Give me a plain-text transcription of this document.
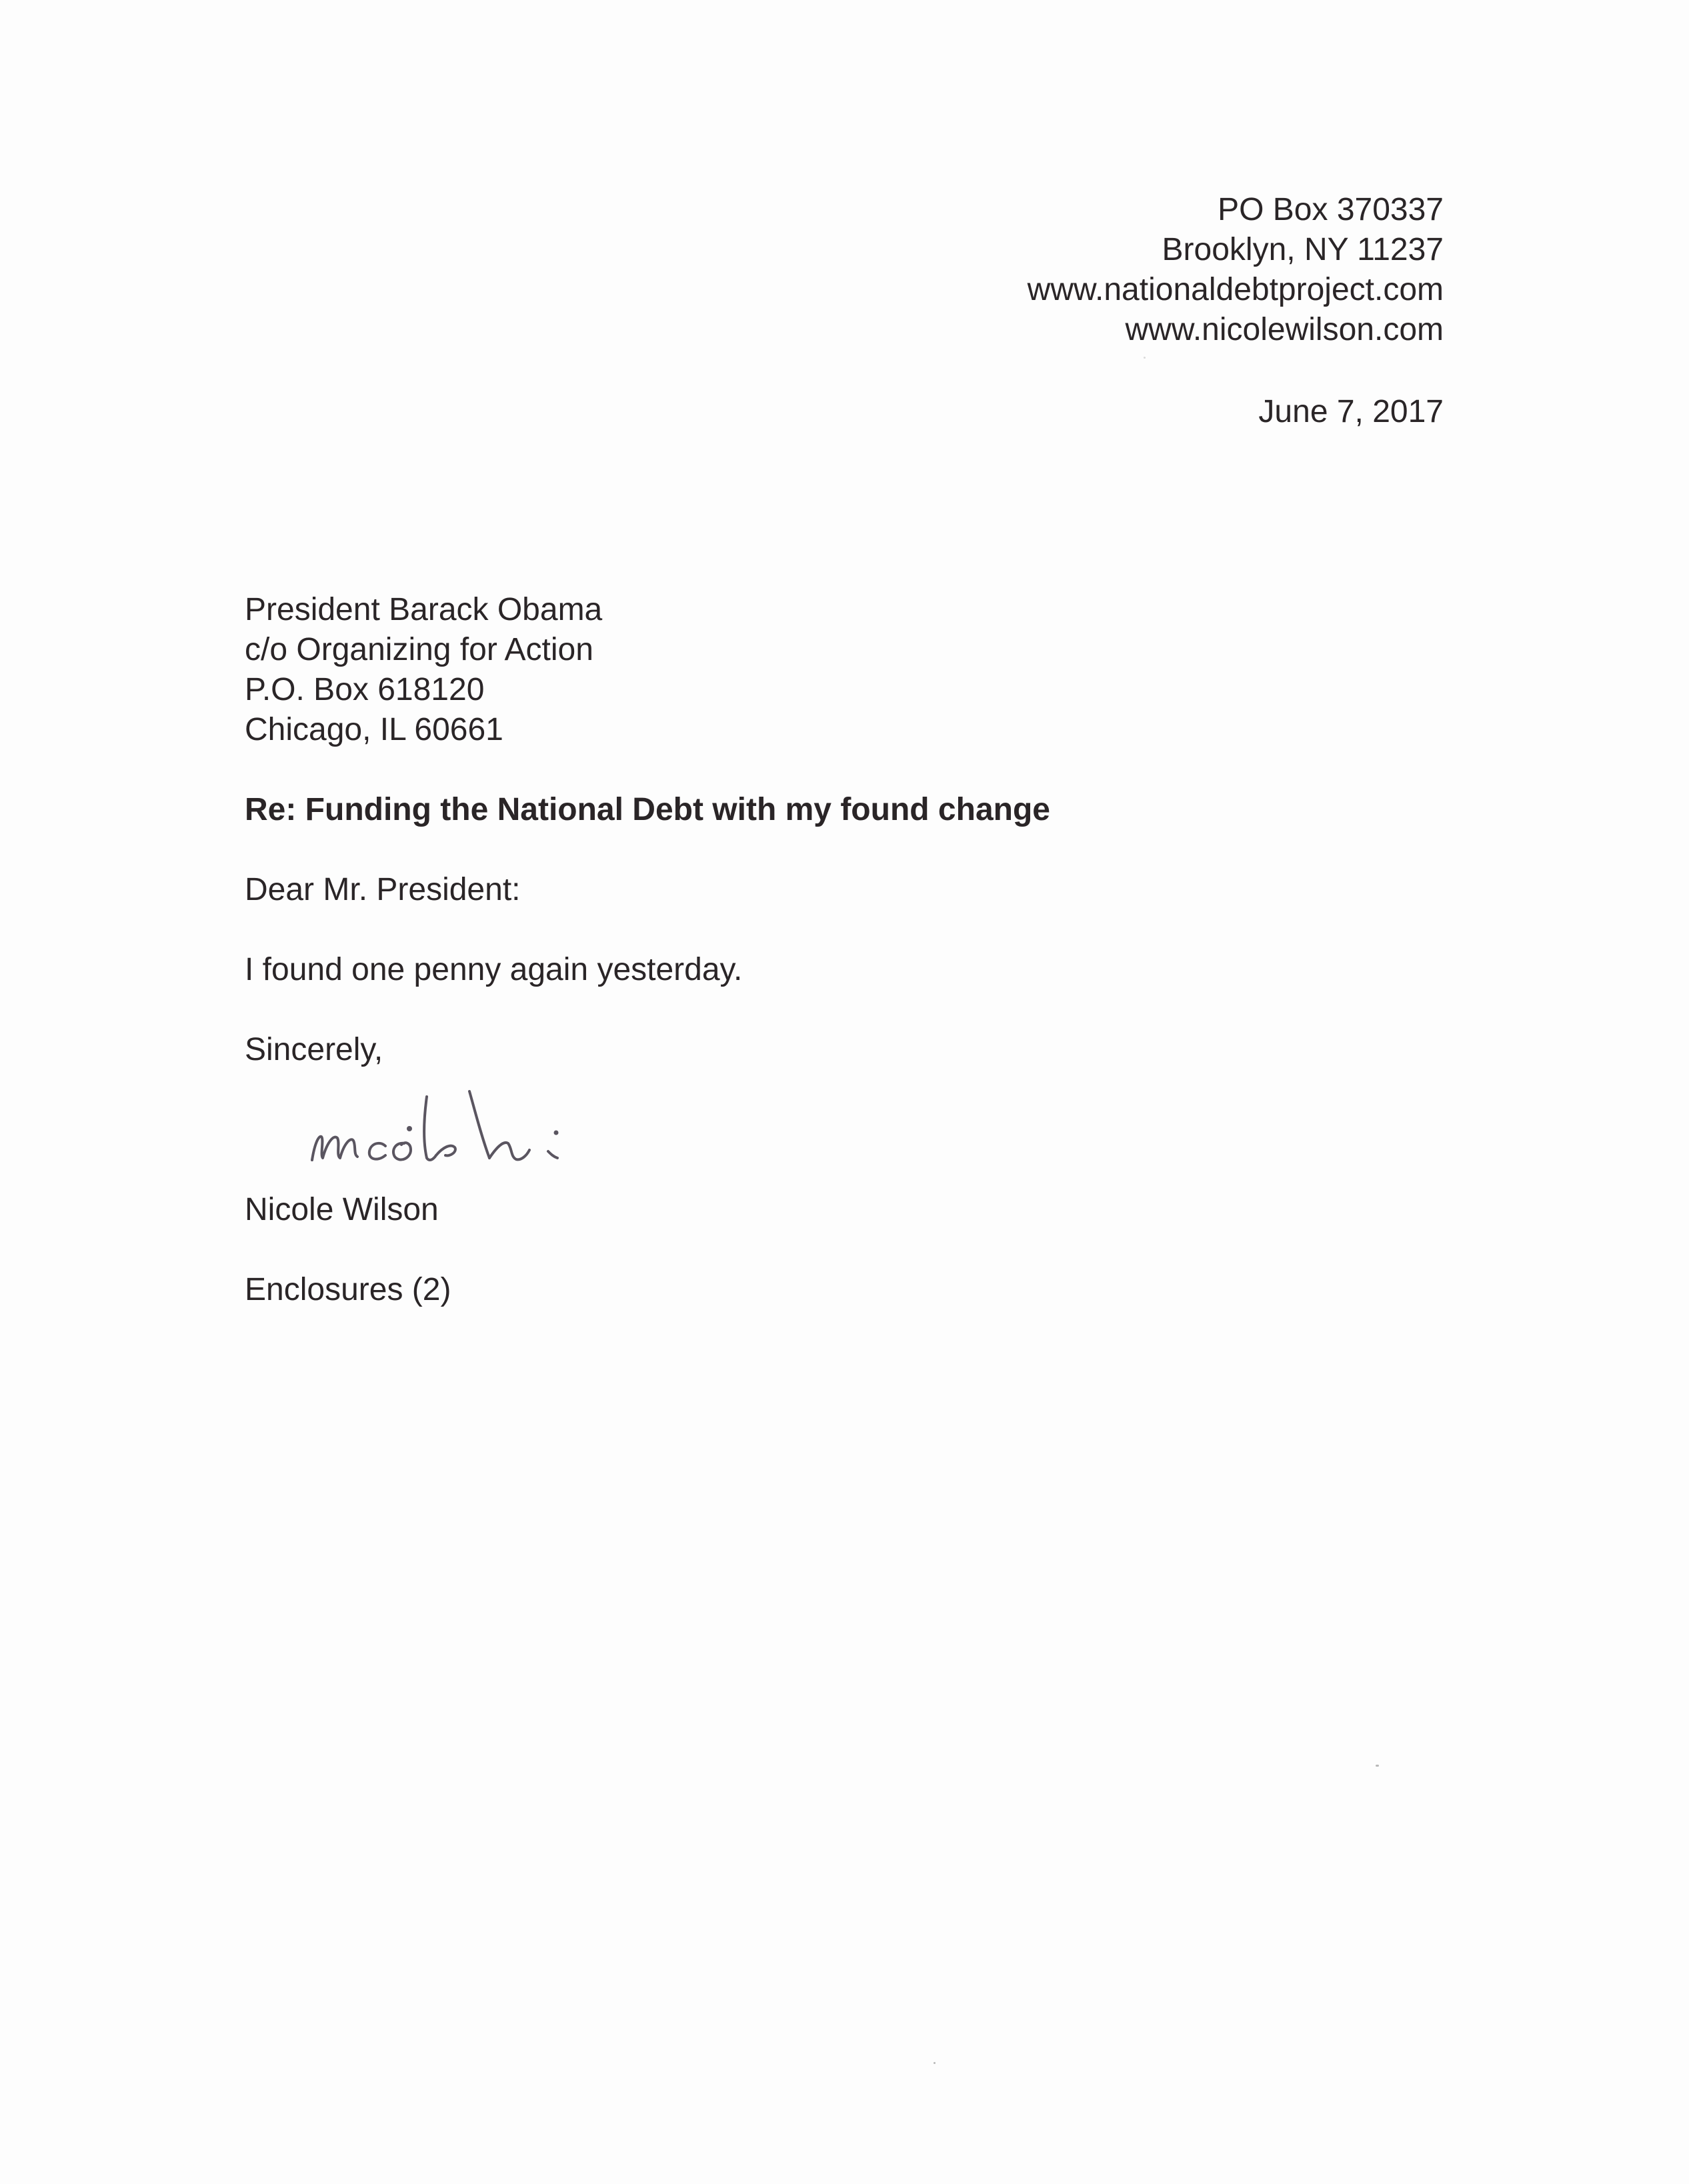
PO Box 370337
Brooklyn, NY 11237
www.nationaldebtproject.com
www.nicolewilson.com
June 7, 2017
President Barack Obama
c/o Organizing for Action
P.O. Box 618120
Chicago, IL 60661
Re: Funding the National Debt with my found change
Dear Mr. President:
I found one penny again yesterday.
Sincerely,
Nicole Wilson
Enclosures (2)
